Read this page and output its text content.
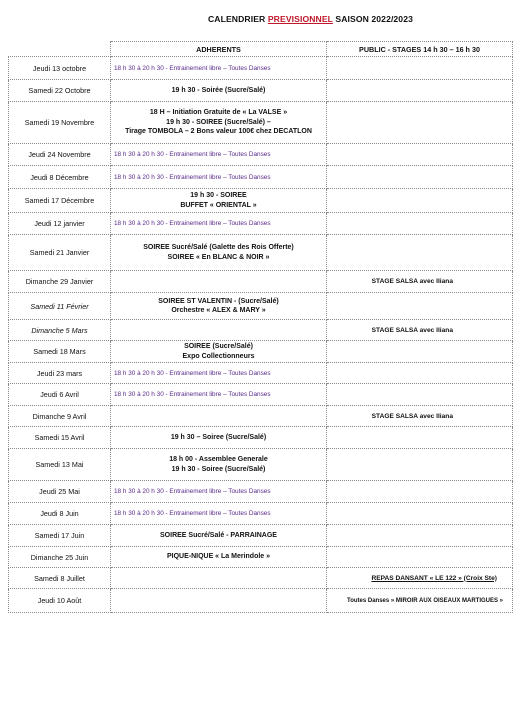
CALENDRIER PREVISIONNEL SAISON 2022/2023
	ADHERENTS	PUBLIC - STAGES 14 h 30 – 16 h 30
Jeudi 13 octobre	18 h 30 à 20 h 30 - Entrainement libre – Toutes Danses	

Samedi 22 Octobre	19 h 30 - Soirée (Sucre/Salé)	

Samedi 19 Novembre	18 H – Initiation Gratuite de « La VALSE »
19 h 30 - SOIREE (Sucre/Salé) –
Tirage TOMBOLA – 2 Bons valeur 100€ chez DECATLON	

Jeudi 24 Novembre	18 h 30 à 20 h 30 - Entrainement libre – Toutes Danses	

Jeudi 8 Décembre	18 h 30 à 20 h 30 - Entrainement libre – Toutes Danses	

Samedi 17 Décembre	19 h 30 - SOIREE
BUFFET « ORIENTAL »	

Jeudi 12 janvier	18 h 30 à 20 h 30 - Entrainement libre – Toutes Danses	

Samedi 21 Janvier	SOIREE Sucré/Salé (Galette des Rois Offerte)
SOIREE « En BLANC & NOIR »	

Dimanche 29 Janvier		STAGE SALSA avec Iliana

Samedi 11 Février	SOIREE ST VALENTIN - (Sucre/Salé)
Orchestre « ALEX & MARY »	

Dimanche 5 Mars		STAGE SALSA avec Iliana

Samedi 18 Mars	SOIREE (Sucre/Salé)
Expo Collectionneurs	

Jeudi 23 mars	18 h 30 à 20 h 30 - Entrainement libre – Toutes Danses	

Jeudi 6 Avril	18 h 30 à 20 h 30 - Entrainement libre – Toutes Danses	

Dimanche 9 Avril		STAGE SALSA avec Iliana

Samedi 15 Avril	19 h 30 – Soiree (Sucre/Salé)	

Samedi 13 Mai	18 h 00 - Assemblee Generale
19 h 30 - Soiree (Sucre/Salé)	

Jeudi 25 Mai	18 h 30 à 20 h 30 - Entrainement libre – Toutes Danses	

Jeudi 8 Juin	18 h 30 à 20 h 30 - Entrainement libre – Toutes Danses	

Samedi 17 Juin	SOIREE Sucré/Salé - PARRAINAGE	

Dimanche 25 Juin	PIQUE-NIQUE « La Merindole »	

Samedi 8 Juillet		REPAS DANSANT « LE 122 » (Croix Ste)

Jeudi 10 Août		Toutes Danses » MIROIR AUX OISEAUX MARTIGUES »
